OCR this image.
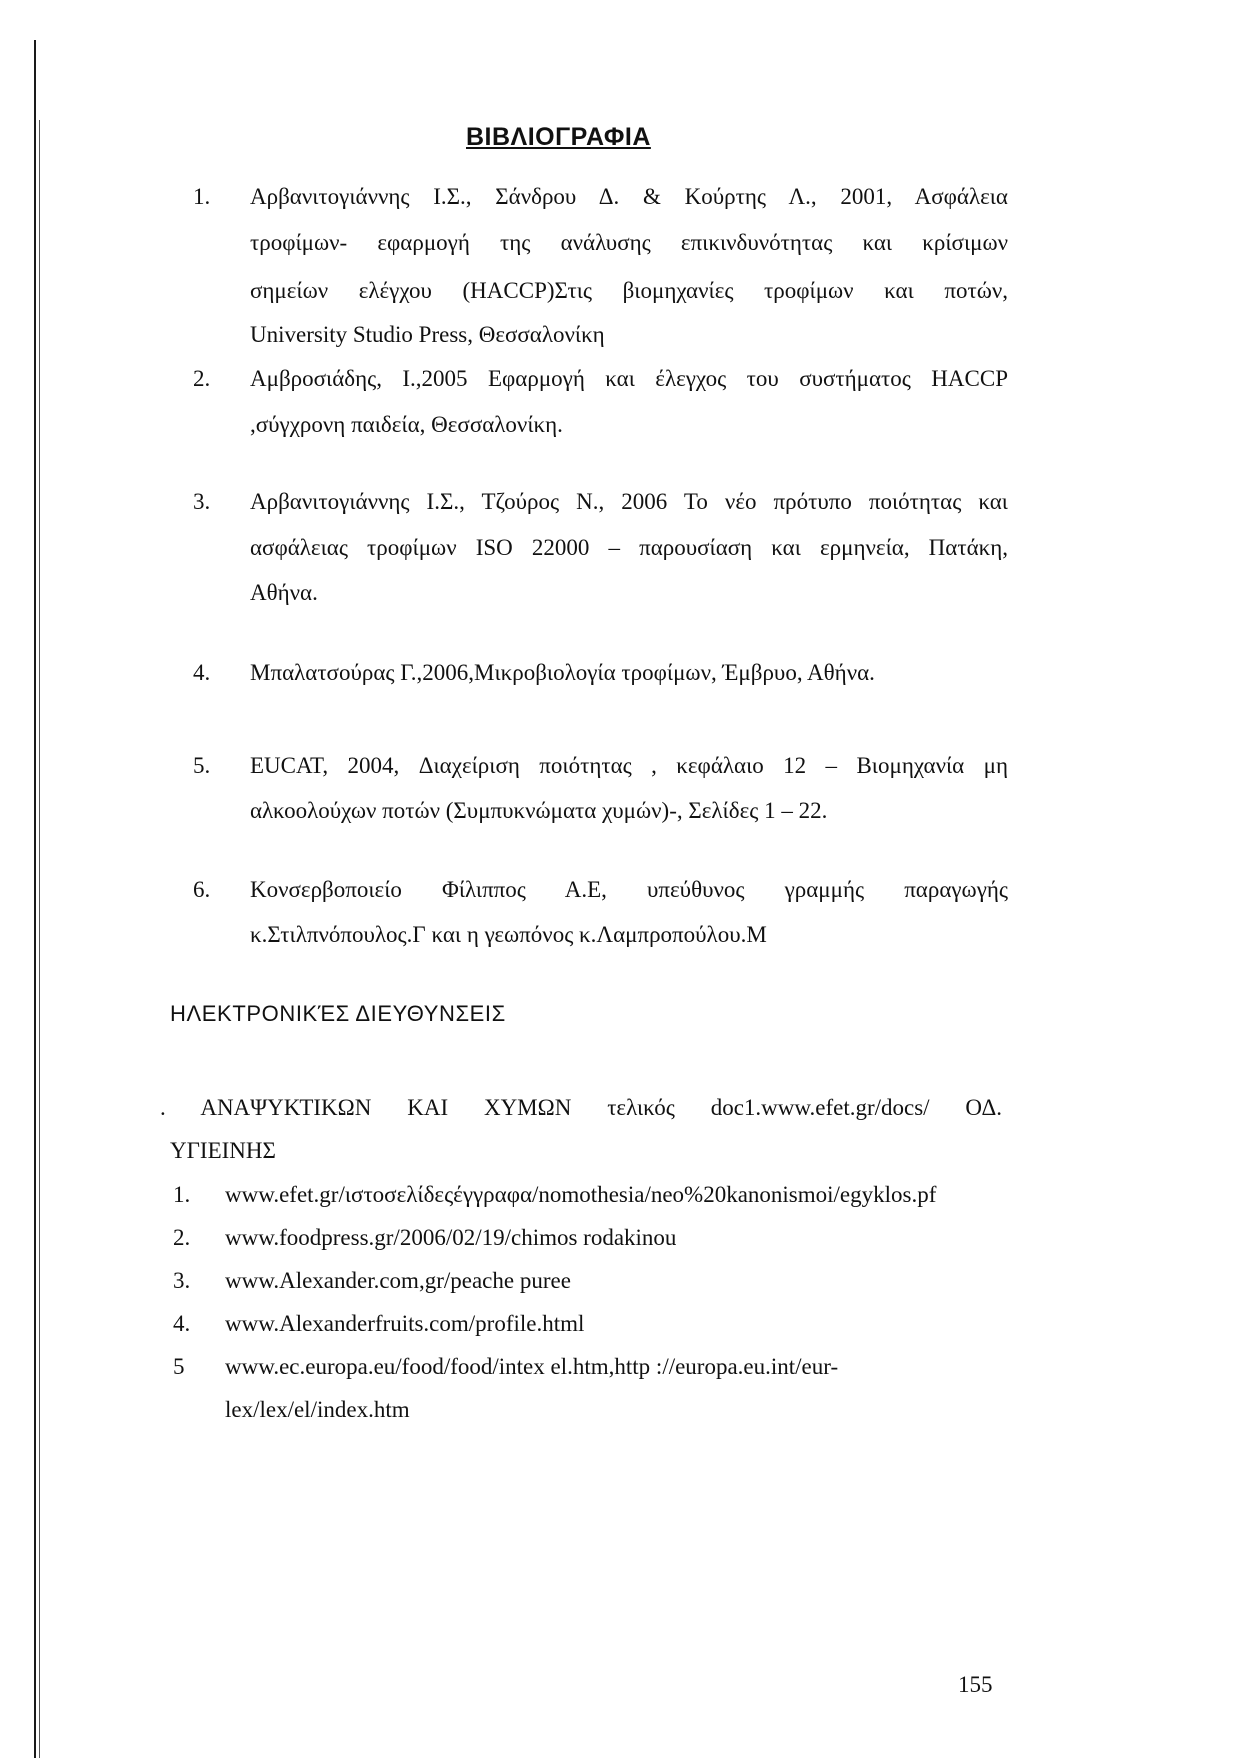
ΒΙΒΛΙΟΓΡΑΦΙΑ
1. Αρβανιτογιάννης Ι.Σ., Σάνδρου Δ. & Κούρτης Λ., 2001, Ασφάλεια
τροφίμων- εφαρμογή της ανάλυσης επικινδυνότητας και κρίσιμων
σημείων ελέγχου (HACCP)Στις βιομηχανίες τροφίμων και ποτών,
University Studio Press, Θεσσαλονίκη
2. Αμβροσιάδης, Ι.,2005 Εφαρμογή και έλεγχος του συστήματος HACCP
,σύγχρονη παιδεία, Θεσσαλονίκη.
3. Αρβανιτογιάννης Ι.Σ., Τζούρος Ν., 2006 Το νέο πρότυπο ποιότητας και
ασφάλειας τροφίμων ISO 22000 – παρουσίαση και ερμηνεία, Πατάκη,
Αθήνα.
4. Μπαλατσούρας Γ.,2006,Μικροβιολογία τροφίμων, Έμβρυο, Αθήνα.
5. EUCAT, 2004, Διαχείριση ποιότητας , κεφάλαιο 12 – Βιομηχανία μη
αλκοολούχων ποτών (Συμπυκνώματα χυμών)-, Σελίδες 1 – 22.
6. Κονσερβοποιείο Φίλιππος Α.Ε, υπεύθυνος γραμμής παραγωγής
κ.Στιλπνόπουλος.Γ και η γεωπόνος κ.Λαμπροπούλου.Μ
ΗΛΕΚΤΡΟΝΙΚΈΣ ΔΙΕΥΘΥΝΣΕΙΣ
. ΑΝΑΨΥΚΤΙΚΩΝ ΚΑΙ ΧΥΜΩΝ τελικός doc1.www.efet.gr/docs/ ΟΔ.
ΥΓΙΕΙΝΗΣ
1. www.efet.gr/ιστοσελίδεςέγγραφα/nomothesia/neo%20kanonismoi/egyklos.pf
2. www.foodpress.gr/2006/02/19/chimos rodakinou
3. www.Alexander.com,gr/peache puree
4. www.Alexanderfruits.com/profile.html
5 www.ec.europa.eu/food/food/intex el.htm,http ://europa.eu.int/eur-
lex/lex/el/index.htm
155
